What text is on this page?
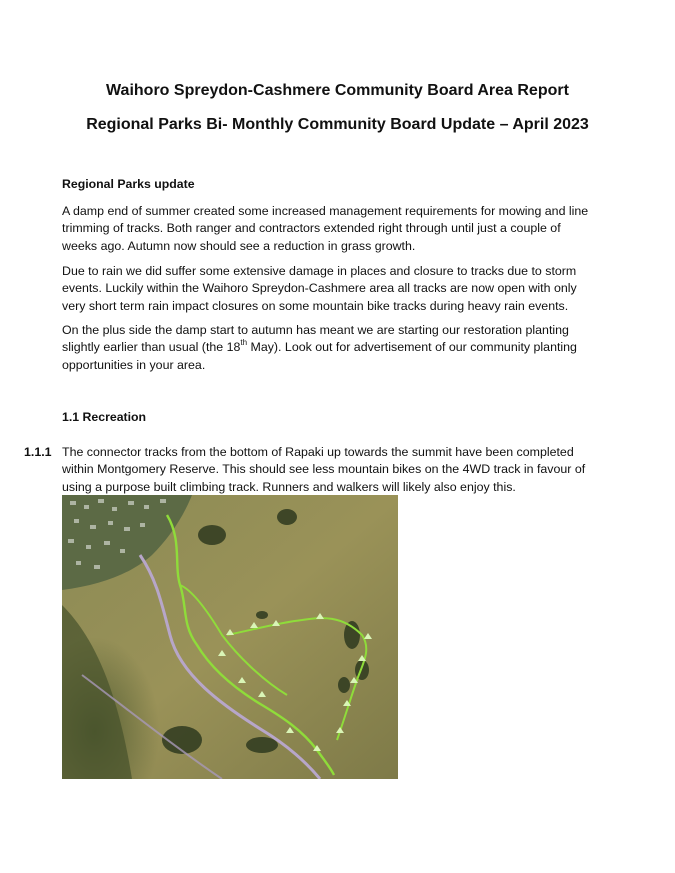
Waihoro Spreydon-Cashmere Community Board Area Report
Regional Parks Bi- Monthly Community Board Update – April 2023
Regional Parks update

A damp end of summer created some increased management requirements for mowing and line
trimming of tracks. Both ranger and contractors extended right through until just a couple of
weeks ago. Autumn now should see a reduction in grass growth.

Due to rain we did suffer some extensive damage in places and closure to tracks due to storm
events. Luckily within the Waihoro Spreydon-Cashmere area all tracks are now open with only
very short term rain impact closures on some mountain bike tracks during heavy rain events.

On the plus side the damp start to autumn has meant we are starting our restoration planting
slightly earlier than usual (the 18th May). Look out for advertisement of our community planting
opportunities in your area.

1.1 Recreation
1.1.1 The connector tracks from the bottom of Rapaki up towards the summit have been completed
within Montgomery Reserve. This should see less mountain bikes on the 4WD track in favour of
using a purpose built climbing track. Runners and walkers will likely also enjoy this.
